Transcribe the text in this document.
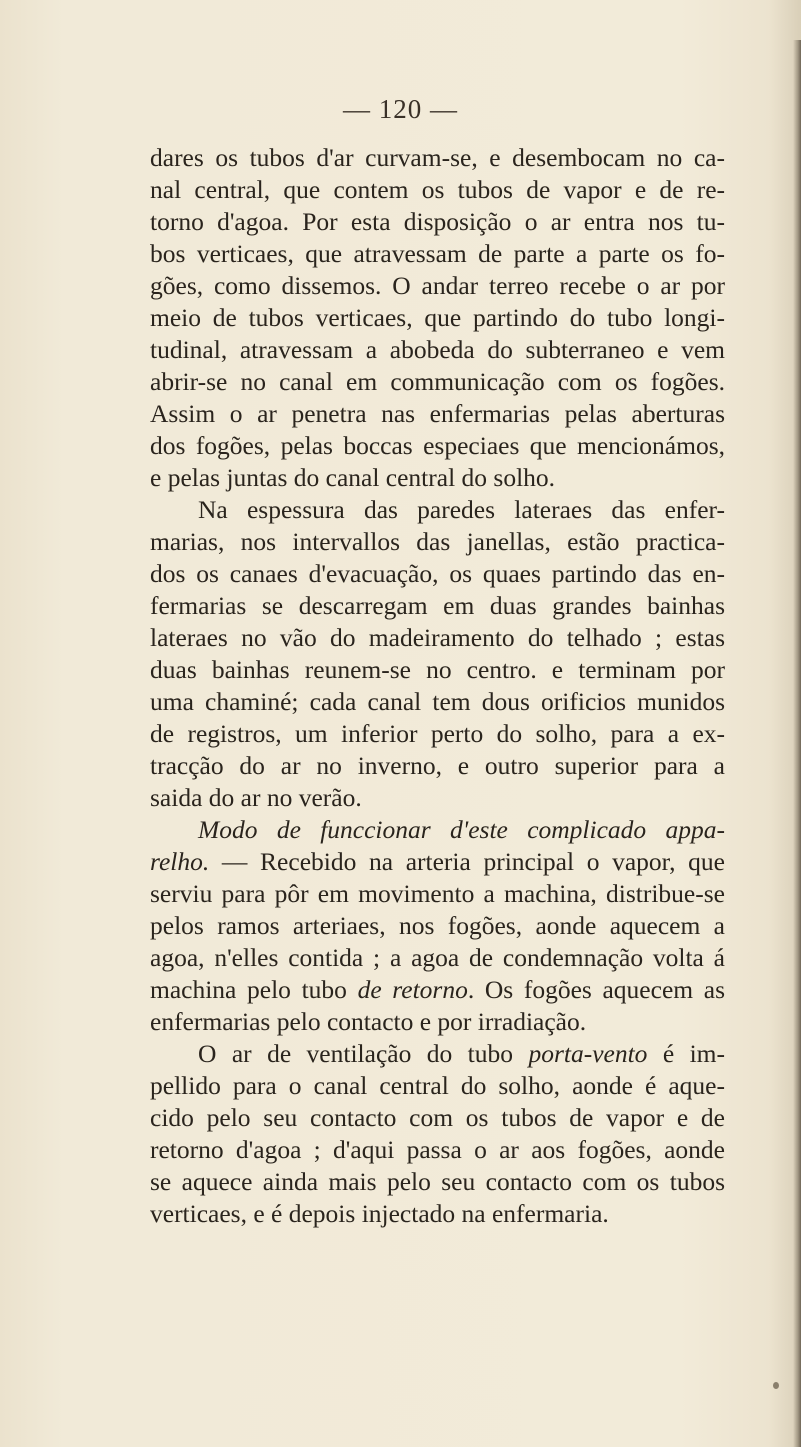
— 120 —
dares os tubos d'ar curvam-se, e desembocam no ca-
nal central, que contem os tubos de vapor e de re-
torno d'agoa. Por esta disposição o ar entra nos tu-
bos verticaes, que atravessam de parte a parte os fo-
gões, como dissemos. O andar terreo recebe o ar por
meio de tubos verticaes, que partindo do tubo longi-
tudinal, atravessam a abobeda do subterraneo e vem
abrir-se no canal em communicação com os fogões.
Assim o ar penetra nas enfermarias pelas aberturas
dos fogões, pelas boccas especiaes que mencionámos,
e pelas juntas do canal central do solho.
Na espessura das paredes lateraes das enfer-
marias, nos intervallos das janellas, estão practica-
dos os canaes d'evacuação, os quaes partindo das en-
fermarias se descarregam em duas grandes bainhas
lateraes no vão do madeiramento do telhado ; estas
duas bainhas reunem-se no centro. e terminam por
uma chaminé; cada canal tem dous orificios munidos
de registros, um inferior perto do solho, para a ex-
tracção do ar no inverno, e outro superior para a
saida do ar no verão.
Modo de funccionar d'este complicado appa-
relho. — Recebido na arteria principal o vapor, que
serviu para pôr em movimento a machina, distribue-se
pelos ramos arteriaes, nos fogões, aonde aquecem a
agoa, n'elles contida ; a agoa de condemnação volta á
machina pelo tubo de retorno. Os fogões aquecem as
enfermarias pelo contacto e por irradiação.
O ar de ventilação do tubo porta-vento é im-
pellido para o canal central do solho, aonde é aque-
cido pelo seu contacto com os tubos de vapor e de
retorno d'agoa ; d'aqui passa o ar aos fogões, aonde
se aquece ainda mais pelo seu contacto com os tubos
verticaes, e é depois injectado na enfermaria.
